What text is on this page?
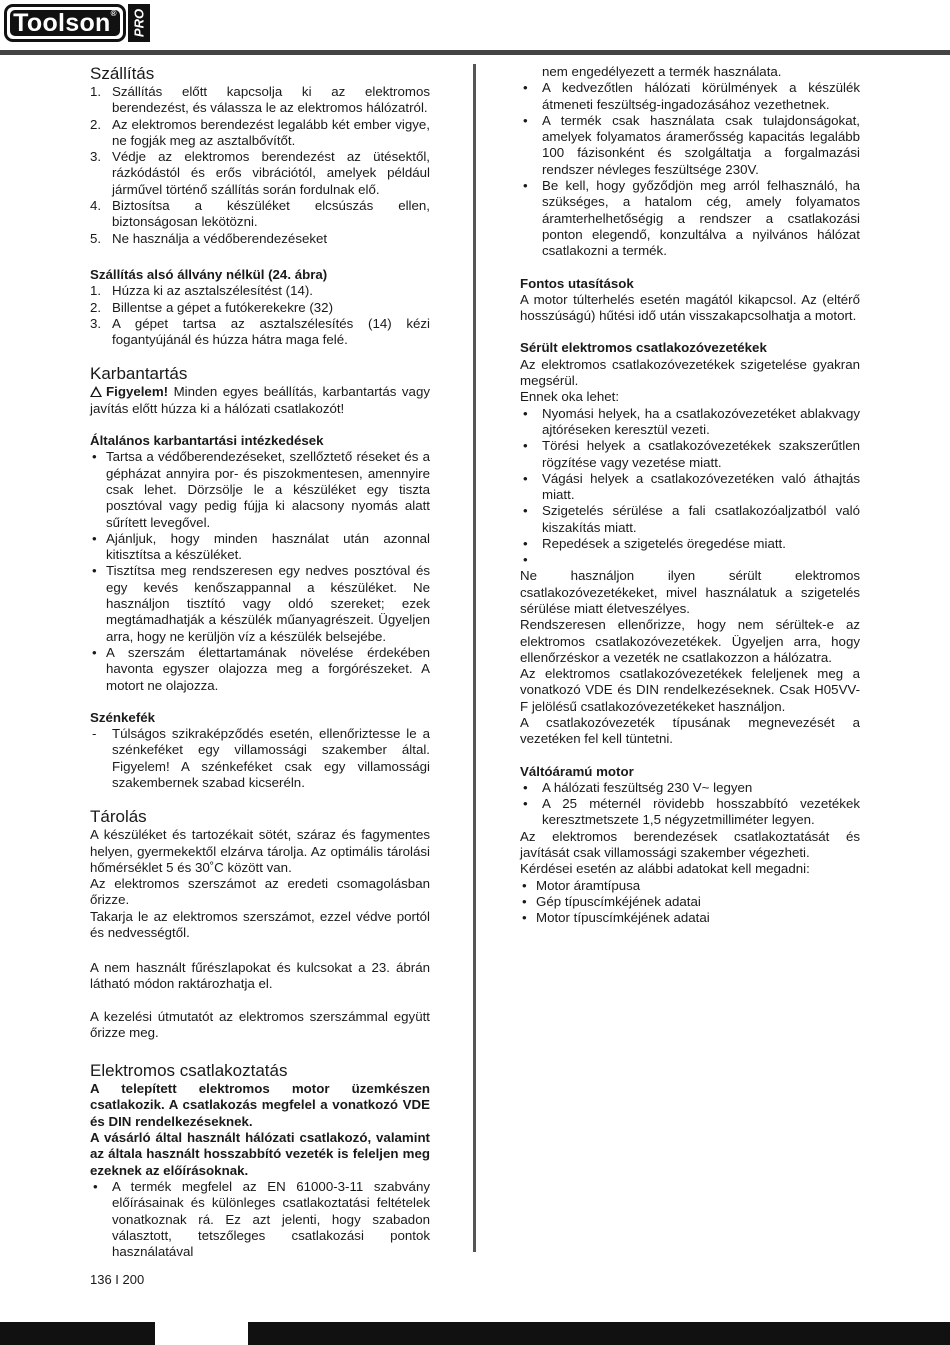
Toolson® PRO
Szállítás
1. Szállítás előtt kapcsolja ki az elektromos berendezést, és válassza le az elektromos hálózatról.
2. Az elektromos berendezést legalább két ember vigye, ne fogják meg az asztalbővítőt.
3. Védje az elektromos berendezést az ütésektől, rázkódástól és erős vibrációtól, amelyek például járművel történő szállítás során fordulnak elő.
4. Biztosítsa a készüléket elcsúszás ellen, biztonságosan lekötözni.
5. Ne használja a védőberendezéseket
Szállítás alsó állvány nélkül (24. ábra)
1. Húzza ki az asztalszélesítést (14).
2. Billentse a gépet a futókerekekre (32)
3. A gépet tartsa az asztalszélesítés (14) kézi fogantyújánál és húzza hátra maga felé.
Karbantartás

Figyelem! Minden egyes beállítás, karbantartás vagy javítás előtt húzza ki a hálózati csatlakozót!

Általános karbantartási intézkedések
• Tartsa a védőberendezéseket, szellőztető réseket és a gépházat annyira por- és piszokmentesen, amennyire csak lehet. Dörzsölje le a készüléket egy tiszta posztóval vagy pedig fújja ki alacsony nyomás alatt sűrített levegővel.
• Ajánljuk, hogy minden használat után azonnal kitisztítsa a készüléket.
• Tisztítsa meg rendszeresen egy nedves posztóval és egy kevés kenőszappannal a készüléket. Ne használjon tisztító vagy oldó szereket; ezek megtámadhatják a készülék műanyagrészeit. Ügyeljen arra, hogy ne kerüljön víz a készülék belsejébe.
• A szerszám élettartamának növelése érdekében havonta egyszer olajozza meg a forgórészeket. A motort ne olajozza.
Szénkefék
- Túlságos szikraképződés esetén, ellenőriztesse le a szénkeféket egy villamossági szakember által. Figyelem! A szénkeféket csak egy villamossági szakembernek szabad kicseréln.
Tárolás

A készüléket és tartozékait sötét, száraz és fagymentes helyen, gyermekektől elzárva tárolja. Az optimális tárolási hőmérséklet 5 és 30˚C között van.

Az elektromos szerszámot az eredeti csomagolásban őrizze.

Takarja le az elektromos szerszámot, ezzel védve portól és nedvességtől.

A nem használt fűrészlapokat és kulcsokat a 23. ábrán látható módon raktározhatja el.

A kezelési útmutatót az elektromos szerszámmal együtt őrizze meg.

Elektromos csatlakoztatás

A telepített elektromos motor üzemkészen csatlakozik. A csatlakozás megfelel a vonatkozó VDE és DIN rendelkezéseknek.

A vásárló által használt hálózati csatlakozó, valamint az általa használt hosszabbító vezeték is feleljen meg ezeknek az előírásoknak.

• A termék megfelel az EN 61000-3-11 szabvány előírásainak és különleges csatlakoztatási feltételek vonatkoznak rá. Ez azt jelenti, hogy szabadon választott, tetszőleges csatlakozási pontok használatával

nem engedélyezett a termék használata.

• A kedvezőtlen hálózati körülmények a készülék átmeneti feszültség-ingadozásához vezethetnek.
• A termék csak használata csak tulajdonságokat, amelyek folyamatos áramerősség kapacitás legalább 100 fázisonként és szolgáltatja a forgalmazási rendszer névleges feszültsége 230V.
• Be kell, hogy győződjön meg arról felhasználó, ha szükséges, a hatalom cég, amely folyamatos áramterhelhetőségig a rendszer a csatlakozási ponton elegendő, konzultálva a nyilvános hálózat csatlakozni a termék.
Fontos utasítások

A motor túlterhelés esetén magától kikapcsol. Az (eltérő hosszúságú) hűtési idő után visszakapcsolhatja a motort.

Sérült elektromos csatlakozóvezetékek

Az elektromos csatlakozóvezetékek szigetelése gyakran megsérül.

Ennek oka lehet:

• Nyomási helyek, ha a csatlakozóvezetéket ablakvagy ajtóréseken keresztül vezeti.
• Törési helyek a csatlakozóvezetékek szakszerűtlen rögzítése vagy vezetése miatt.
• Vágási helyek a csatlakozóvezetéken való áthajtás miatt.
• Szigetelés sérülése a fali csatlakozóaljzatból való kiszakítás miatt.
• Repedések a szigetelés öregedése miatt.
•

Ne használjon ilyen sérült elektromos csatlakozóvezetékeket, mivel használatuk a szigetelés sérülése miatt életveszélyes.

Rendszeresen ellenőrizze, hogy nem sérültek-e az elektromos csatlakozóvezetékek. Ügyeljen arra, hogy ellenőrzéskor a vezeték ne csatlakozzon a hálózatra.

Az elektromos csatlakozóvezetékek feleljenek meg a vonatkozó VDE és DIN rendelkezéseknek. Csak H05VV-F jelölésű csatlakozóvezetékeket használjon.

A csatlakozóvezeték típusának megnevezését a vezetéken fel kell tüntetni.

Váltóáramú motor
• A hálózati feszültség 230 V~ legyen
• A 25 méternél rövidebb hosszabbító vezetékek keresztmetszete 1,5 négyzetmilliméter legyen.

Az elektromos berendezések csatlakoztatását és javítását csak villamossági szakember végezheti.

Kérdései esetén az alábbi adatokat kell megadni:

• Motor áramtípusa
• Gép típuscímkéjének adatai
• Motor típuscímkéjének adatai
136 I 200
